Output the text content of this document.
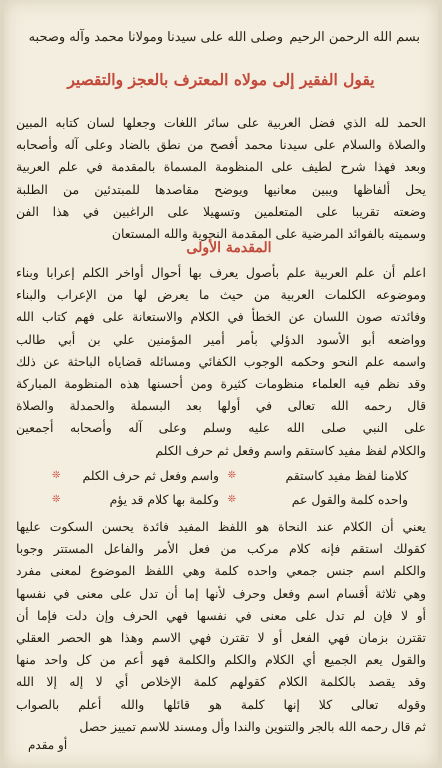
بسم الله الرحمن الرحيم
وصلى الله على سيدنا ومولانا محمد وآله وصحبه
يقول الفقير إلى مولاه المعترف بالعجز والتقصير
الحمد لله الذي فضل العربية على سائر اللغات وجعلها لسان كتابه المبين
والصلاة والسلام على سيدنا محمد أفصح من نطق بالضاد وعلى آله وأصحابه
وبعد فهذا شرح لطيف على المنظومة المسماة بالمقدمة في علم العربية
يحل ألفاظها ويبين معانيها ويوضح مقاصدها للمبتدئين من الطلبة
وضعته تقريبا على المتعلمين وتسهيلا على الراغبين في هذا الفن
وسميته بالفوائد المرضية على المقدمة النحوية والله المستعان
المقدمة الأولى
اعلم أن علم العربية علم بأصول يعرف بها أحوال أواخر الكلم إعرابا وبناء
وموضوعه الكلمات العربية من حيث ما يعرض لها من الإعراب والبناء
وفائدته صون اللسان عن الخطأ في الكلام والاستعانة على فهم كتاب الله
وواضعه أبو الأسود الدؤلي بأمر أمير المؤمنين علي بن أبي طالب
واسمه علم النحو وحكمه الوجوب الكفائي ومسائله قضاياه الباحثة عن ذلك
وقد نظم فيه العلماء منظومات كثيرة ومن أحسنها هذه المنظومة المباركة
قال رحمه الله تعالى في أولها بعد البسملة والحمدلة والصلاة
على النبي صلى الله عليه وسلم وعلى آله وأصحابه أجمعين
والكلام لفظ مفيد كاستقم واسم وفعل ثم حرف الكلم
❊	كلامنا لفظ مفيد كاستقم
❊	واسم وفعل ثم حرف الكلم
❊	واحده كلمة والقول عم
❊	وكلمة بها كلام قد يؤم
يعني أن الكلام عند النحاة هو اللفظ المفيد فائدة يحسن السكوت عليها
كقولك استقم فإنه كلام مركب من فعل الأمر والفاعل المستتر وجوبا
والكلم اسم جنس جمعي واحده كلمة وهي اللفظ الموضوع لمعنى مفرد
وهي ثلاثة أقسام اسم وفعل وحرف لأنها إما أن تدل على معنى في نفسها
أو لا فإن لم تدل على معنى في نفسها فهي الحرف وإن دلت فإما أن
تقترن بزمان فهي الفعل أو لا تقترن فهي الاسم وهذا هو الحصر العقلي
والقول يعم الجميع أي الكلام والكلم والكلمة فهو أعم من كل واحد منها
وقد يقصد بالكلمة الكلام كقولهم كلمة الإخلاص أي لا إله إلا الله
وقوله تعالى كلا إنها كلمة هو قائلها والله أعلم بالصواب
ثم قال رحمه الله بالجر والتنوين والندا وأل ومسند للاسم تمييز حصل
أو مقدم
